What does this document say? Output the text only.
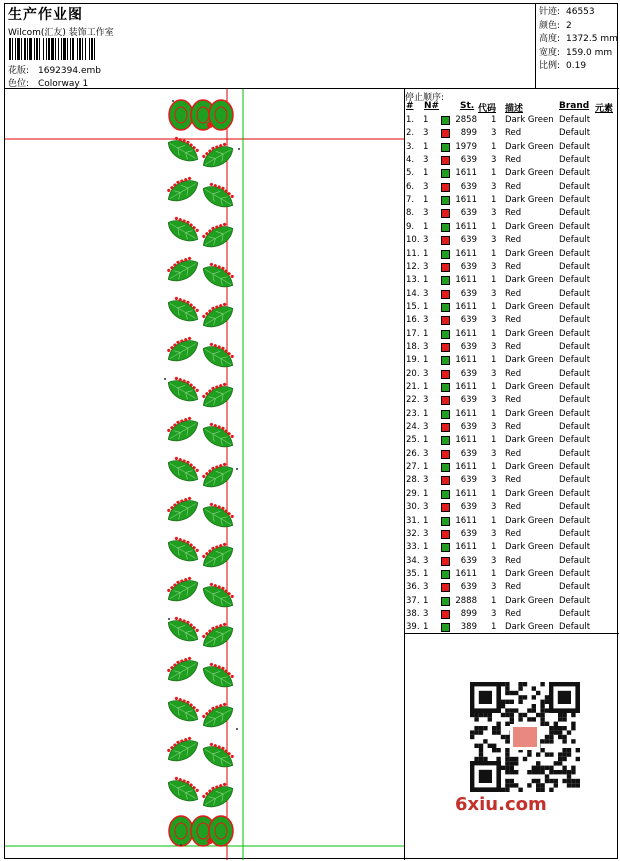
生产作业图
Wilcom(汇友) 装饰工作室
花版: 1692394.emb
色位: Colorway 1
针迹: 46553
颜色: 2
高度: 1372.5 mm
宽度: 159.0 mm
比例: 0.19
停止顺序:
# N# St. 代码 描述	Brand 元素
1. 1	2858 1 Dark Green Default
2. 3	899 3 Red	Default
3. 1	1979 1 Dark Green Default
4. 3	639 3 Red	Default
5. 1	1611 1 Dark Green Default
6. 3	639 3 Red	Default
7. 1	1611 1 Dark Green Default
8. 3	639 3 Red	Default
9. 1	1611 1 Dark Green Default
10. 3	639 3 Red	Default
11. 1	1611 1 Dark Green Default
12. 3	639 3 Red	Default
13. 1	1611 1 Dark Green Default
14. 3	639 3 Red	Default
15. 1	1611 1 Dark Green Default
16. 3	639 3 Red	Default
17. 1	1611 1 Dark Green Default
18. 3	639 3 Red	Default
19. 1	1611 1 Dark Green Default
20. 3	639 3 Red	Default
21. 1	1611 1 Dark Green Default
22. 3	639 3 Red	Default
23. 1	1611 1 Dark Green Default
24. 3	639 3 Red	Default
25. 1	1611 1 Dark Green Default
26. 3	639 3 Red	Default
27. 1	1611 1 Dark Green Default
28. 3	639 3 Red	Default
29. 1	1611 1 Dark Green Default
30. 3	639 3 Red	Default
31. 1	1611 1 Dark Green Default
32. 3	639 3 Red	Default
33. 1	1611 1 Dark Green Default
34. 3	639 3 Red	Default
35. 1	1611 1 Dark Green Default
36. 3	639 3 Red	Default
37. 1	2888 1 Dark Green Default
38. 3	899 3 Red	Default
39. 1	389 1 Dark Green Default
6xiu.com
